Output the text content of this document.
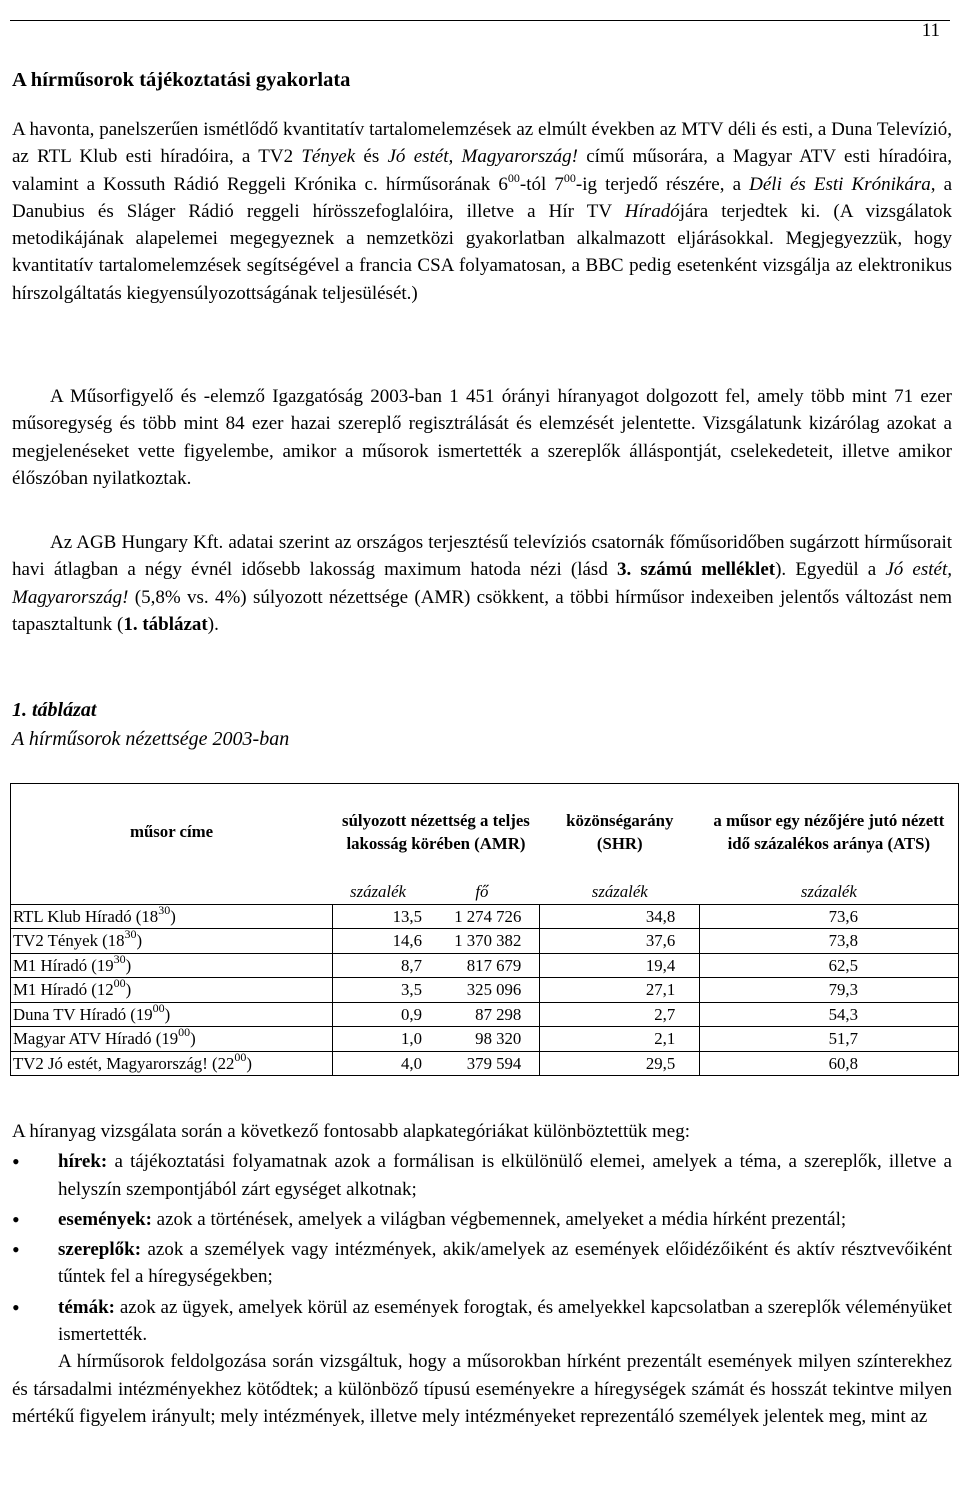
11
A hírműsorok tájékoztatási gyakorlata
A havonta, panelszerűen ismétlődő kvantitatív tartalomelemzések az elmúlt években az MTV déli és esti, a Duna Televízió, az RTL Klub esti híradóira, a TV2 Tények és Jó estét, Magyarország! című műsorára, a Magyar ATV esti híradóira, valamint a Kossuth Rádió Reggeli Krónika c. hírműsorának $6^{00}$-tól $7^{00}-ig$ terjedő részére, a Déli és Esti Krónikára, a Danubius és Sláger Rádió reggeli hírösszefoglalóira, illetve a Hír TV Híradójára terjedtek ki. (A vizsgálatok metodikájának alapelemei megegyeznek a nemzetközi gyakorlatban alkalmazott eljárásokkal. Megjegyezzük, hogy kvantitatív tartalomelemzések segítségével a francia CSA folyamatosan, a BBC pedig esetenként vizsgálja az elektronikus hírszolgáltatás kiegyensúlyozottságának teljesülését.)
A Műsorfigyelő és -elemző Igazgatóság 2003-ban 1 451 órányi híranyagot dolgozott fel, amely több mint 71 ezer műsoregység és több mint 84 ezer hazai szereplő regisztrálását és elemzését jelentette. Vizsgálatunk kizárólag azokat a megjelenéseket vette figyelembe, amikor a műsorok ismertették a szereplők álláspontját, cselekedeteit, illetve amikor élőszóban nyilatkoztak.
Az AGB Hungary Kft. adatai szerint az országos terjesztésű televíziós csatornák főműsoridőben sugárzott hírműsorait havi átlagban a négy évnél idősebb lakosság maximum hatoda nézi (lásd 3. számú melléklet). Egyedül a Jó estét, Magyarország! (5,8% vs. 4%) súlyozott nézettsége (AMR) csökkent, a többi hírműsor indexeiben jelentős változást nem tapasztaltunk (1. táblázat).
1. táblázat
A hírműsorok nézettsége 2003-ban
műsor címe	súlyozott nézettség a teljes lakosság körében (AMR)		közönségarány (SHR)	a műsor egy nézőjére jutó nézett idő százalékos aránya (ATS)
	százalék	fő	százalék	százalék
RTL Klub Híradó $(18^{30})$	13,5	1 274 726	34,8	73,6
TV2 Tények $(18^{30})$	14,6	1 370 382	37,6	73,8
M1 Híradó $(19^{30})$	8,7	817 679	19,4	62,5
M1 Híradó $(12^{00})$	3,5	325 096	27,1	79,3
Duna TV Híradó $(19^{00})$	0,9	87 298	2,7	54,3
Magyar ATV Híradó $(19^{00})$	1,0	98 320	2,1	51,7
TV2 Jó estét, Magyarország! $(22^{00})$	4,0	379 594	29,5	60,8

A híranyag vizsgálata során a következő fontosabb alapkategóriákat különböztettük meg:

• hírek: a tájékoztatási folyamatnak azok a formálisan is elkülönülő elemei, amelyek a téma, a szereplők, illetve a helyszín szempontjából zárt egységet alkotnak;
• események: azok a történések, amelyek a világban végbemennek, amelyeket a média hírként prezentál;
• szereplők: azok a személyek vagy intézmények, akik/amelyek az események előidézőiként és aktív résztvevőiként tűntek fel a híregységekben;
• témák: azok az ügyek, amelyek körül az események forogtak, és amelyekkel kapcsolatban a szereplők véleményüket ismertették.

A hírműsorok feldolgozása során vizsgáltuk, hogy a műsorokban hírként prezentált események milyen színterekhez és társadalmi intézményekhez kötődtek; a különböző típusú eseményekre a híregységek számát és hosszát tekintve milyen mértékű figyelem irányult; mely intézmények, illetve mely intézményeket reprezentáló személyek jelentek meg, mint az
